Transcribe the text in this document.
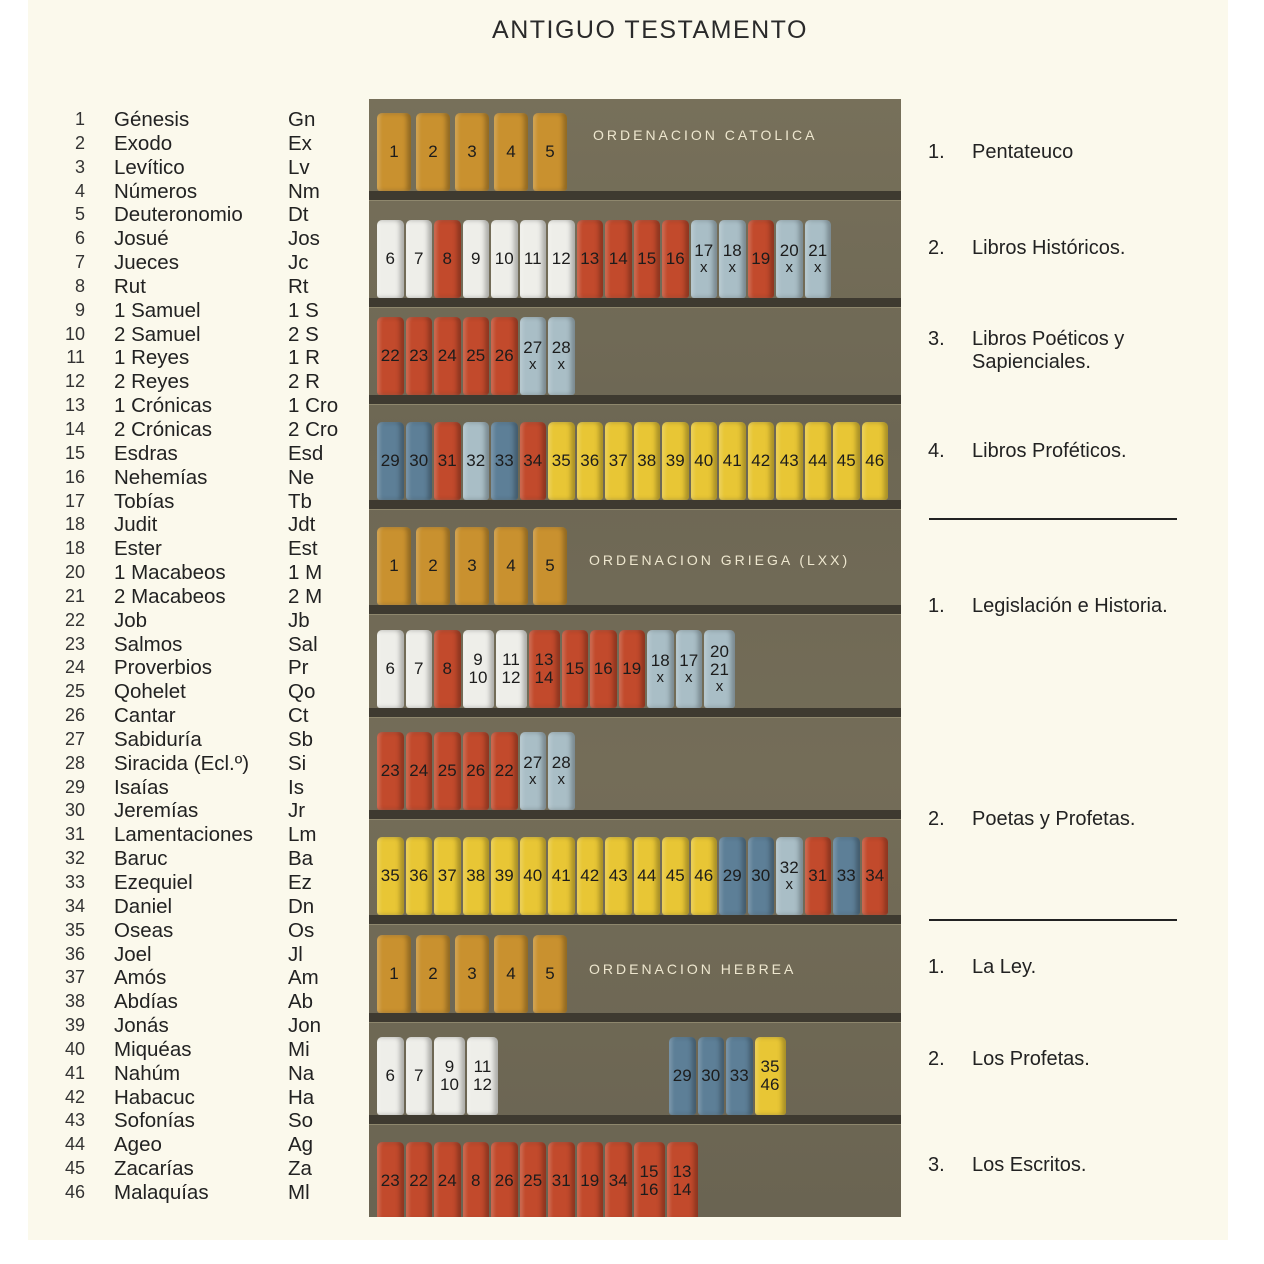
ANTIGUO TESTAMENTO
1 Génesis	Gn
2 Exodo	Ex
3 Levítico	Lv
4 Números	Nm
5 Deuteronomio Dt
6 Josué	Jos
7 Jueces	Jc
8 Rut	Rt
9 1 Samuel	1 S
10 2 Samuel	2 S
11 1 Reyes	1 R
12 2 Reyes	2 R
13 1 Crónicas	1 Cro
14 2 Crónicas	2 Cro
15 Esdras	Esd
16 Nehemías	Ne
17 Tobías	Tb
18 Judit	Jdt
18 Ester	Est
20 1 Macabeos	1 M
21 2 Macabeos	2 M
22 Job	Jb
23 Salmos	Sal
24 Proverbios	Pr
25 Qohelet	Qo
26 Cantar	Ct
27 Sabiduría	Sb
28 Siracida (Ecl.º) Si
29 Isaías	Is
30 Jeremías	Jr
31 Lamentaciones Lm
32 Baruc	Ba
33 Ezequiel	Ez
34 Daniel	Dn
35 Oseas	Os
36 Joel	Jl
37 Amós	Am
38 Abdías	Ab
39 Jonás	Jon
40 Miquéas	Mi
41 Nahúm	Na
42 Habacuc	Ha
43 Sofonías	So
44 Ageo	Ag
45 Zacarías	Za
46 Malaquías	Ml
ORDENACION CATOLICA
ORDENACION GRIEGA (LXX)
ORDENACION HEBREA
1 2 3 4 5
6 7 8 9 10 11 12 13 14 15 16 17
x
18
x 19 20
x
21
x
22 23 24 25 26 27
x
28
x
29 30 31 32 33 34 35 36 37 38 39 40 41 42 43 44 45 46
1 2 3 4 5
6 7 8 9
10
11
12
13
14 15 16 19 18
x
17
x
20
21
x
23 24 25 26 22 27
x
28
x
35 36 37 38 39 40 41 42 43 44 45 46 29 30 32
x 31 33 34
1 2 3 4 5
6 7 9
10
11
12	29 30 33 35
46
23 22 24 8 26 25 31 19 34 15
16
13
14
1. Pentateuco
2. Libros Históricos.
3. Libros Poéticos y
Sapienciales.
4. Libros Proféticos.
1. Legislación e Historia.
2. Poetas y Profetas.
1. La Ley.
2. Los Profetas.
3. Los Escritos.
